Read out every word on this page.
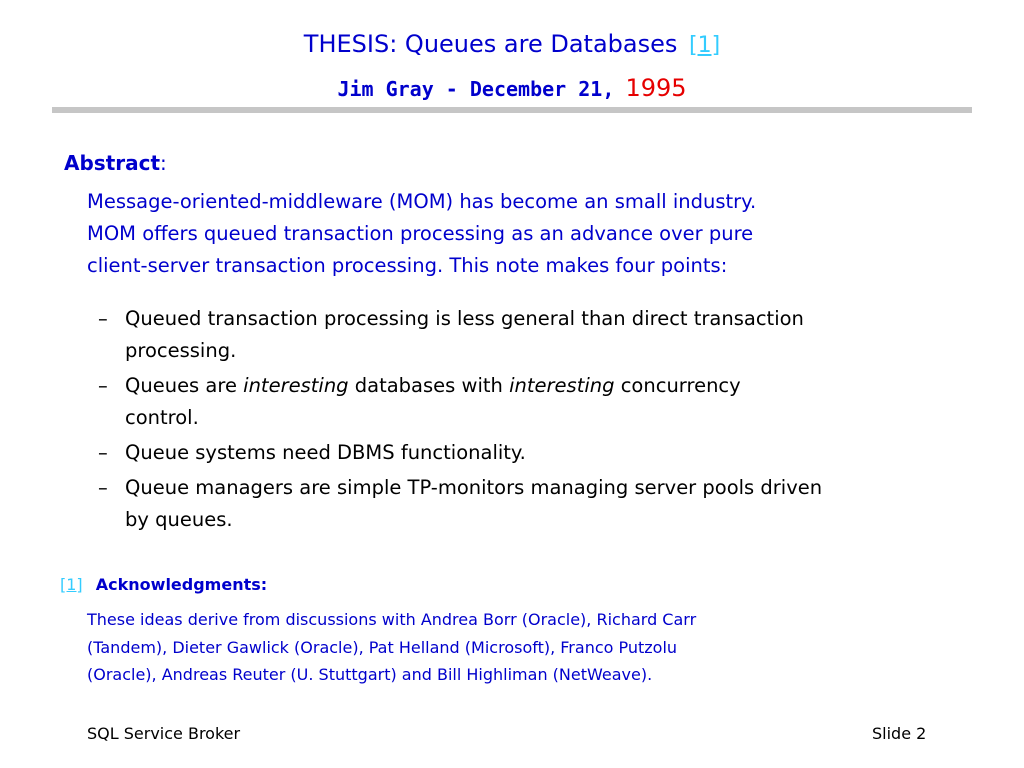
THESIS: Queues are Databases [1]
Jim Gray - December 21, 1995
Abstract:
Message-oriented-middleware (MOM) has become an small industry.
MOM offers queued transaction processing as an advance over pure
client-server transaction processing. This note makes four points:
– Queued transaction processing is less general than direct transaction
processing.
– Queues are interesting databases with interesting concurrency
control.
– Queue systems need DBMS functionality.
– Queue managers are simple TP-monitors managing server pools driven
by queues.
[1] Acknowledgments:
These ideas derive from discussions with Andrea Borr (Oracle), Richard Carr
(Tandem), Dieter Gawlick (Oracle), Pat Helland (Microsoft), Franco Putzolu
(Oracle), Andreas Reuter (U. Stuttgart) and Bill Highliman (NetWeave).
SQL Service Broker	Slide 2
